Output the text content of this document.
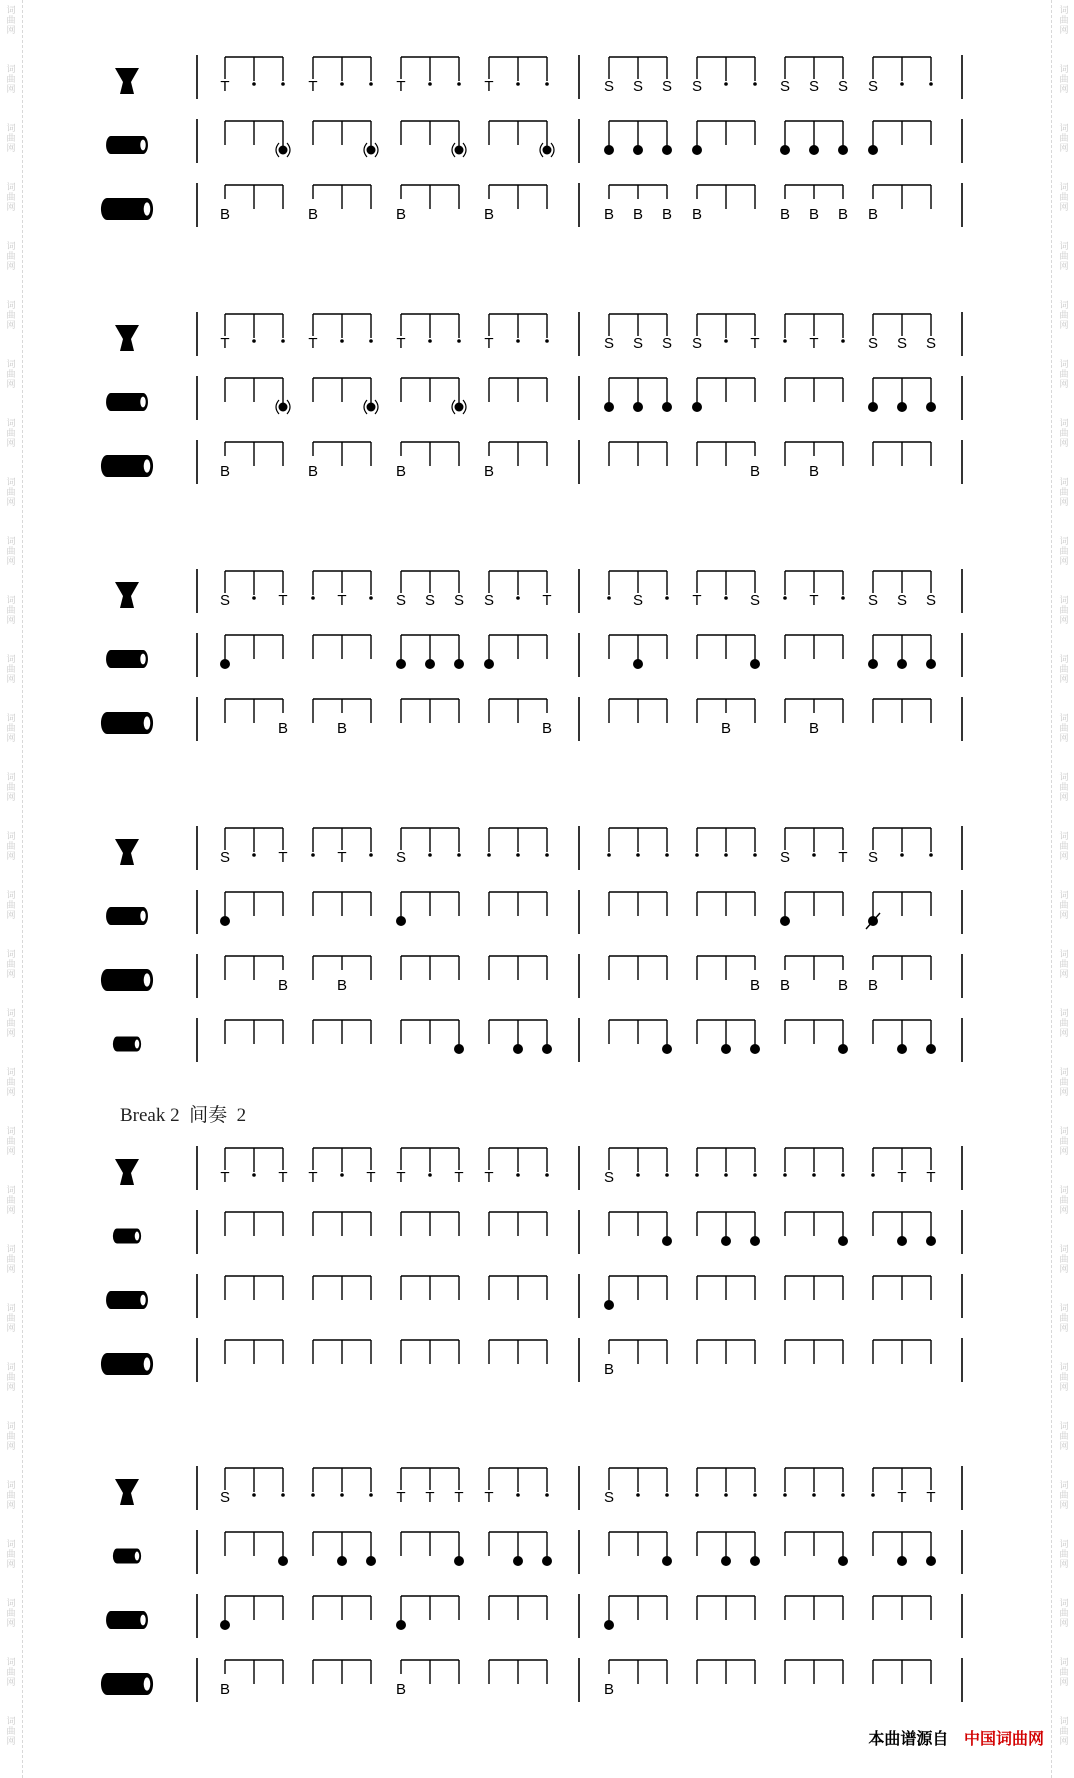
词
曲
网
词
曲
网
词
曲
网
词
曲
网
词
曲
网
词
曲
网
词
曲
网
词
曲
网
词
曲
网
词
曲
网
词
曲
网
词
曲
网
词
曲
网
词
曲
网
词
曲
网
词
曲
网
词
曲
网
词
曲
网
词
曲
网
词
曲
网
词
曲
网
词
曲
网
词
曲
网
词
曲
网
词
曲
网
词
曲
网
词
曲
网
词
曲
网
词
曲
网
词
曲
网
词
曲
网
词
曲
网
词
曲
网
词
曲
网
词
曲
网
词
曲
网
词
曲
网
词
曲
网
词
曲
网
词
曲
网
词
曲
网
词
曲
网
词
曲
网
词
曲
网
词
曲
网
词
曲
网
词
曲
网
词
曲
网
词
曲
网
词
曲
网
词
曲
网
词
曲
网
词
曲
网
词
曲
网
词
曲
网
词
曲
网
词
曲
网
词
曲
网
词
曲
网
词
曲
网
T	T	T	T	S S S S	S S S S
B	B	B	B	B B B B	B B B B
T	T	T	T	S S S S	T	T	S S S
B	B	B	B	B	B
S	T	T	S S S S	T	S	T	S	T	S S S
B	B	B	B	B
S	T	T	S	S	T S
B	B	B B	B B
T	T T	T T	T T	S	T T
B
S	T T T T	S	T T
B	B	B
Break 2  间奏  2
本曲谱源自 中国词曲网
